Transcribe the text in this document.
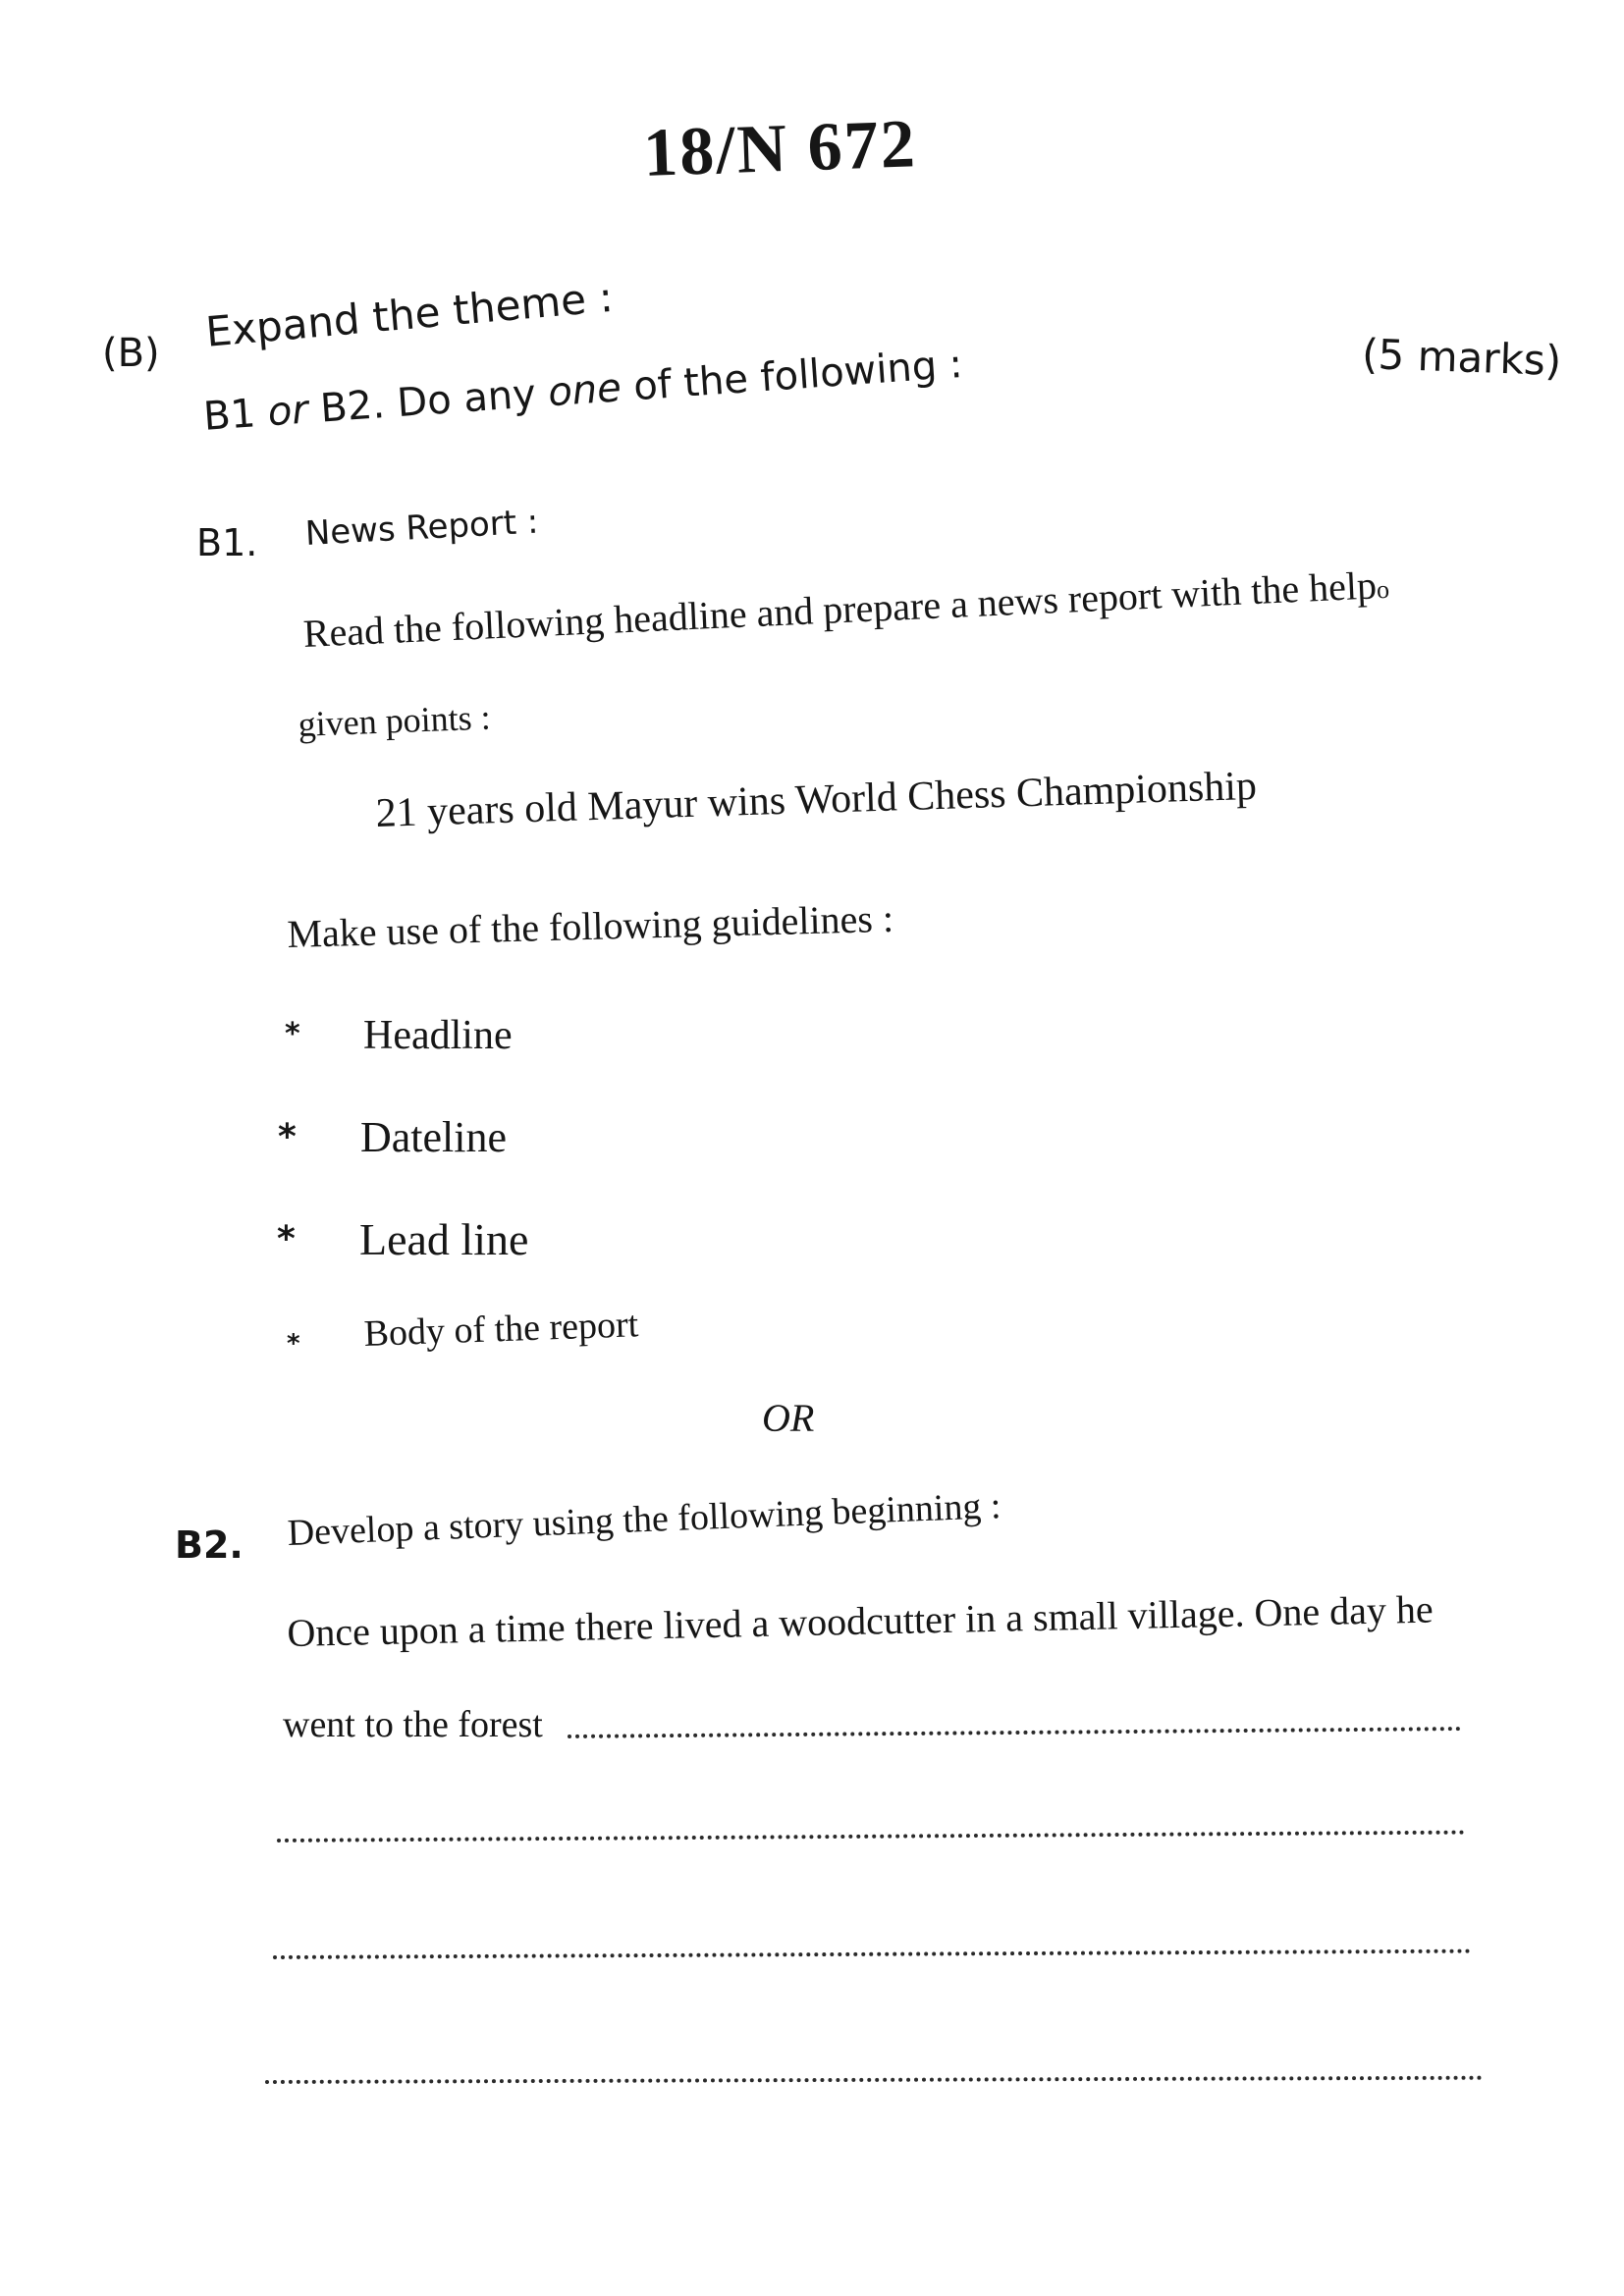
18/N 672
(B) Expand the theme :
(5 marks)
B1 or B2. Do any one of the following :
B1. News Report :
Read the following headline and prepare a news report with the helpo
given points :
21 years old Mayur wins World Chess Championship
Make use of the following guidelines :
* Headline
* Dateline
* Lead line
* Body of the report
OR
B2. Develop a story using the following beginning :
Once upon a time there lived a woodcutter in a small village. One day he
went to the forest
